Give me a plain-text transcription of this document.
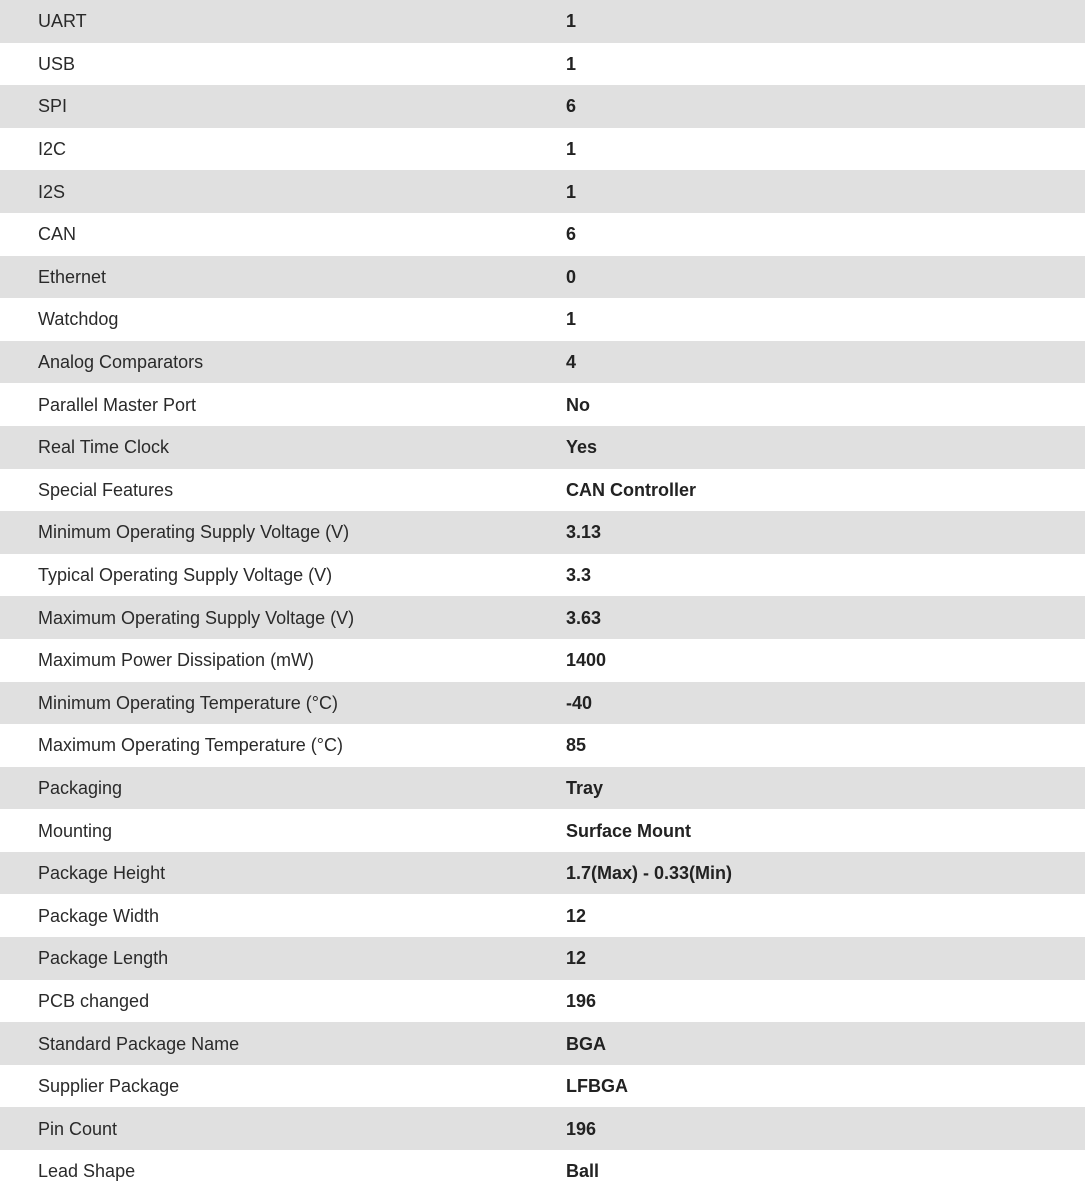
UART	1
USB	1
SPI	6
I2C	1
I2S	1
CAN	6
Ethernet	0
Watchdog	1
Analog Comparators	4
Parallel Master Port	No
Real Time Clock	Yes
Special Features	CAN Controller
Minimum Operating Supply Voltage (V)	3.13
Typical Operating Supply Voltage (V)	3.3
Maximum Operating Supply Voltage (V)	3.63
Maximum Power Dissipation (mW)	1400
Minimum Operating Temperature (°C)	-40
Maximum Operating Temperature (°C)	85
Packaging	Tray
Mounting	Surface Mount
Package Height	1.7(Max) - 0.33(Min)
Package Width	12
Package Length	12
PCB changed	196
Standard Package Name	BGA
Supplier Package	LFBGA
Pin Count	196
Lead Shape	Ball
